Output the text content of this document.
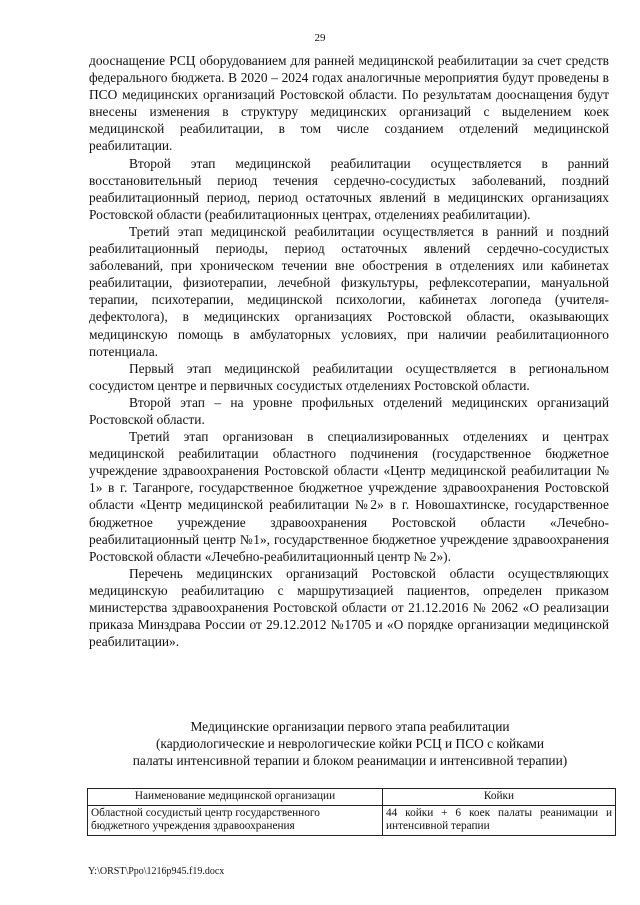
29

дооснащение РСЦ оборудованием для ранней медицинской реабилитации за счет средств федерального бюджета. В 2020 – 2024 годах аналогичные мероприятия будут проведены в ПСО медицинских организаций Ростовской области. По результатам дооснащения будут внесены изменения в структуру медицинских организаций с выделением коек медицинской реабилитации, в том числе созданием отделений медицинской реабилитации.

Второй этап медицинской реабилитации осуществляется в ранний восстановительный период течения сердечно-сосудистых заболеваний, поздний реабилитационный период, период остаточных явлений в медицинских организациях Ростовской области (реабилитационных центрах, отделениях реабилитации).

Третий этап медицинской реабилитации осуществляется в ранний и поздний реабилитационный периоды, период остаточных явлений сердечно-сосудистых заболеваний, при хроническом течении вне обострения в отделениях или кабинетах реабилитации, физиотерапии, лечебной физкультуры, рефлексотерапии, мануальной терапии, психотерапии, медицинской психологии, кабинетах логопеда (учителя-дефектолога), в медицинских организациях Ростовской области, оказывающих медицинскую помощь в амбулаторных условиях, при наличии реабилитационного потенциала.

Первый этап медицинской реабилитации осуществляется в региональном сосудистом центре и первичных сосудистых отделениях Ростовской области.

Второй этап – на уровне профильных отделений медицинских организаций Ростовской области.

Третий этап организован в специализированных отделениях и центрах медицинской реабилитации областного подчинения (государственное бюджетное учреждение здравоохранения Ростовской области «Центр медицинской реабилитации № 1» в г. Таганроге, государственное бюджетное учреждение здравоохранения Ростовской области «Центр медицинской реабилитации №2» в г. Новошахтинске, государственное бюджетное учреждение здравоохранения Ростовской области «Лечебно-реабилитационный центр №1», государственное бюджетное учреждение здравоохранения Ростовской области «Лечебно-реабилитационный центр № 2»).

Перечень медицинских организаций Ростовской области осуществляющих медицинскую реабилитацию с маршрутизацией пациентов, определен приказом министерства здравоохранения Ростовской области от 21.12.2016 № 2062 «О реализации приказа Минздрава России от 29.12.2012 №1705 и «О порядке организации медицинской реабилитации».

Медицинские организации первого этапа реабилитации
(кардиологические и неврологические койки РСЦ и ПСО с койками
палаты интенсивной терапии и блоком реанимации и интенсивной терапии)
Наименование медицинской организации	Койки
Областной сосудистый центр государственного бюджетного учреждения здравоохранения	44 койки + 6 коек палаты реанимации и интенсивной терапии
Y:\ORST\Ppo\1216p945.f19.docx
